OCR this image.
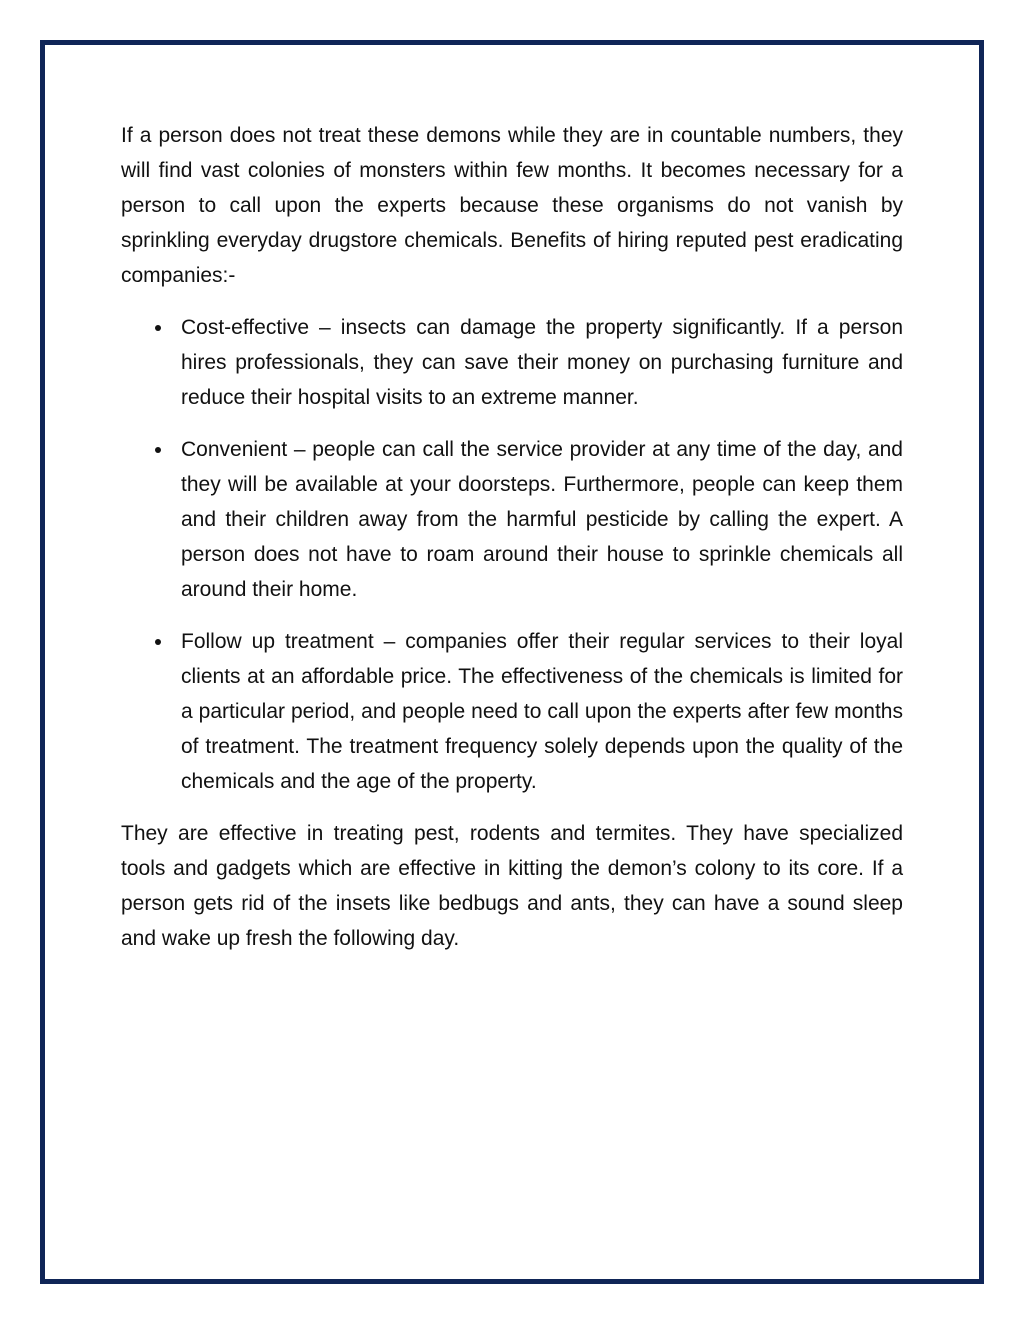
If a person does not treat these demons while they are in countable numbers, they will find vast colonies of monsters within few months. It becomes necessary for a person to call upon the experts because these organisms do not vanish by sprinkling everyday drugstore chemicals. Benefits of hiring reputed pest eradicating companies:-

Cost-effective – insects can damage the property significantly. If a person hires professionals, they can save their money on purchasing furniture and reduce their hospital visits to an extreme manner.
Convenient – people can call the service provider at any time of the day, and they will be available at your doorsteps. Furthermore, people can keep them and their children away from the harmful pesticide by calling the expert. A person does not have to roam around their house to sprinkle chemicals all around their home.
Follow up treatment – companies offer their regular services to their loyal clients at an affordable price. The effectiveness of the chemicals is limited for a particular period, and people need to call upon the experts after few months of treatment. The treatment frequency solely depends upon the quality of the chemicals and the age of the property.

They are effective in treating pest, rodents and termites. They have specialized tools and gadgets which are effective in kitting the demon’s colony to its core. If a person gets rid of the insets like bedbugs and ants, they can have a sound sleep and wake up fresh the following day.
